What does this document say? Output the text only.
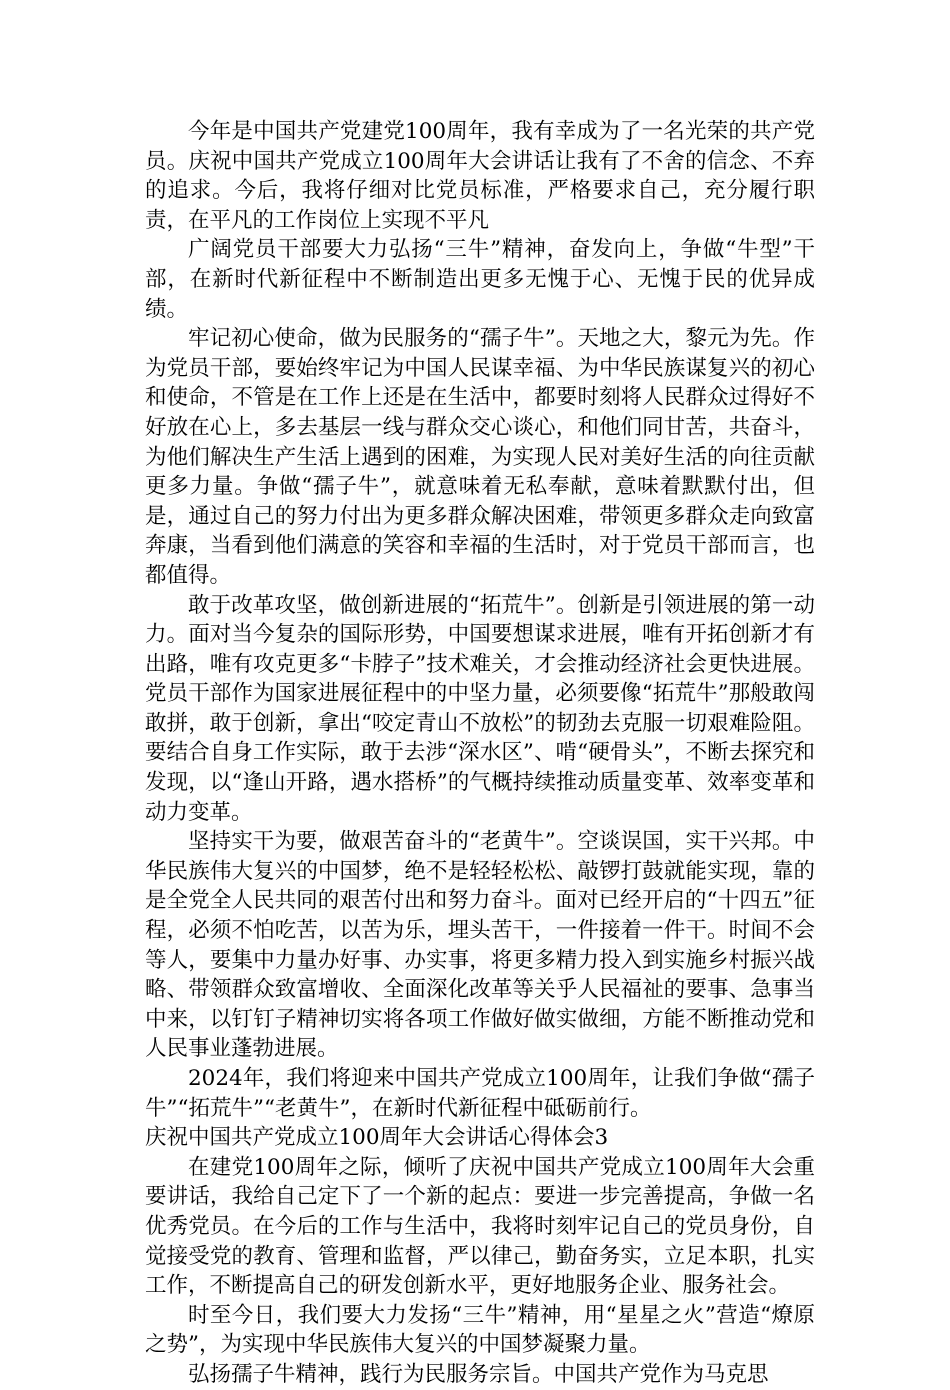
今年是中国共产党建党100周年，我有幸成为了一名光荣的共产党员。庆祝中国共产党成立100周年大会讲话让我有了不舍的信念、不弃的追求。今后，我将仔细对比党员标准，严格要求自己，充分履行职责，在平凡的工作岗位上实现不平凡

广阔党员干部要大力弘扬“三牛”精神，奋发向上，争做“牛型”干部，在新时代新征程中不断制造出更多无愧于心、无愧于民的优异成绩。

牢记初心使命，做为民服务的“孺子牛”。天地之大，黎元为先。作为党员干部，要始终牢记为中国人民谋幸福、为中华民族谋复兴的初心和使命，不管是在工作上还是在生活中，都要时刻将人民群众过得好不好放在心上，多去基层一线与群众交心谈心，和他们同甘苦，共奋斗，为他们解决生产生活上遇到的困难，为实现人民对美好生活的向往贡献更多力量。争做“孺子牛”，就意味着无私奉献，意味着默默付出，但是，通过自己的努力付出为更多群众解决困难，带领更多群众走向致富奔康，当看到他们满意的笑容和幸福的生活时，对于党员干部而言，也都值得。

敢于改革攻坚，做创新进展的“拓荒牛”。创新是引领进展的第一动力。面对当今复杂的国际形势，中国要想谋求进展，唯有开拓创新才有出路，唯有攻克更多“卡脖子”技术难关，才会推动经济社会更快进展。党员干部作为国家进展征程中的中坚力量，必须要像“拓荒牛”那般敢闯敢拼，敢于创新，拿出“咬定青山不放松”的韧劲去克服一切艰难险阻。要结合自身工作实际，敢于去涉“深水区”、啃“硬骨头”，不断去探究和发现，以“逢山开路，遇水搭桥”的气概持续推动质量变革、效率变革和动力变革。

坚持实干为要，做艰苦奋斗的“老黄牛”。空谈误国，实干兴邦。中华民族伟大复兴的中国梦，绝不是轻轻松松、敲锣打鼓就能实现，靠的是全党全人民共同的艰苦付出和努力奋斗。面对已经开启的“十四五”征程，必须不怕吃苦，以苦为乐，埋头苦干，一件接着一件干。时间不会等人，要集中力量办好事、办实事，将更多精力投入到实施乡村振兴战略、带领群众致富增收、全面深化改革等关乎人民福祉的要事、急事当中来，以钉钉子精神切实将各项工作做好做实做细，方能不断推动党和人民事业蓬勃进展。

2024年，我们将迎来中国共产党成立100周年，让我们争做“孺子牛”“拓荒牛”“老黄牛”，在新时代新征程中砥砺前行。

庆祝中国共产党成立100周年大会讲话心得体会3

在建党100周年之际，倾听了庆祝中国共产党成立100周年大会重要讲话，我给自己定下了一个新的起点：要进一步完善提高，争做一名优秀党员。在今后的工作与生活中，我将时刻牢记自己的党员身份，自觉接受党的教育、管理和监督，严以律己，勤奋务实，立足本职，扎实工作，不断提高自己的研发创新水平，更好地服务企业、服务社会。

时至今日，我们要大力发扬“三牛”精神，用“星星之火”营造“燎原之势”，为实现中华民族伟大复兴的中国梦凝聚力量。

弘扬孺子牛精神，践行为民服务宗旨。中国共产党作为马克思
